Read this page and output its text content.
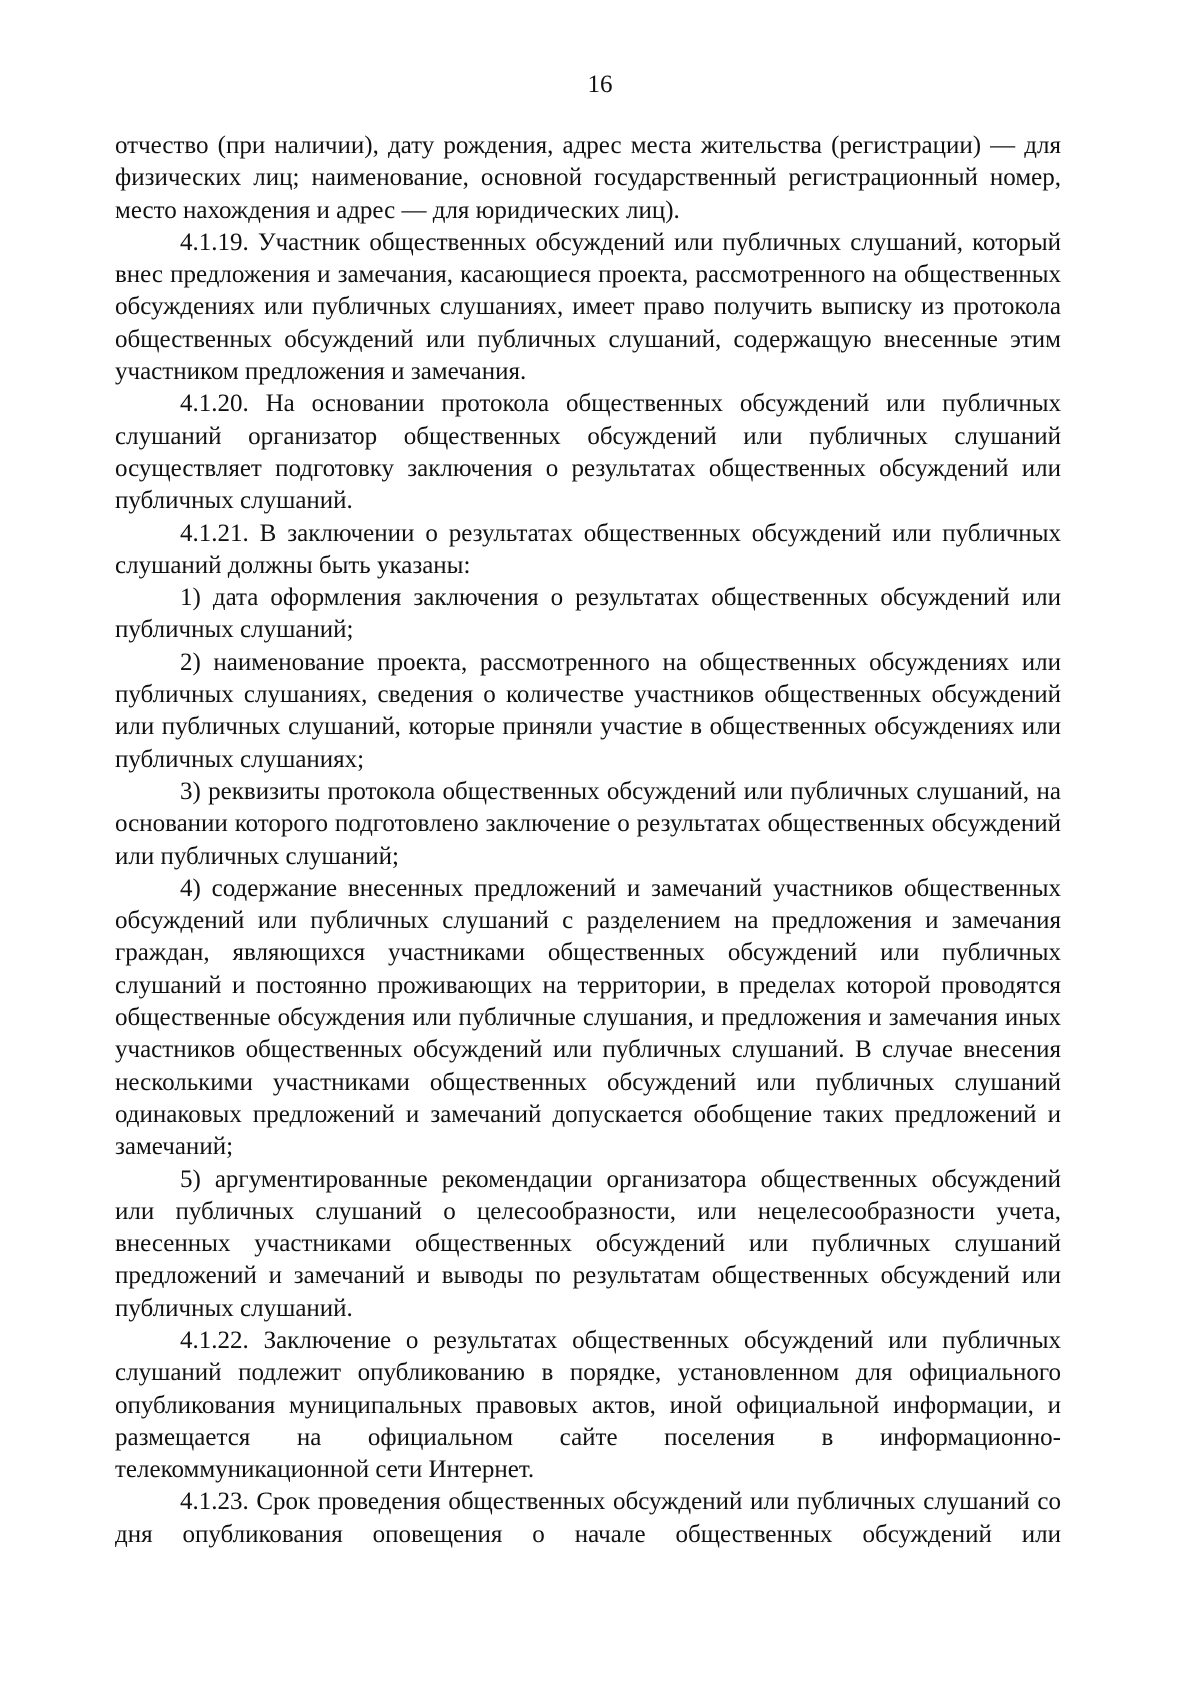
16

отчество (при наличии), дату рождения, адрес места жительства (регистрации) — для физических лиц; наименование, основной государственный регистрационный номер, место нахождения и адрес — для юридических лиц).

4.1.19. Участник общественных обсуждений или публичных слушаний, который внес предложения и замечания, касающиеся проекта, рассмотренного на общественных обсуждениях или публичных слушаниях, имеет право получить выписку из протокола общественных обсуждений или публичных слушаний, содержащую внесенные этим участником предложения и замечания.

4.1.20. На основании протокола общественных обсуждений или публичных слушаний организатор общественных обсуждений или публичных слушаний осуществляет подготовку заключения о результатах общественных обсуждений или публичных слушаний.

4.1.21. В заключении о результатах общественных обсуждений или публичных слушаний должны быть указаны:

1) дата оформления заключения о результатах общественных обсуждений или публичных слушаний;

2) наименование проекта, рассмотренного на общественных обсуждениях или публичных слушаниях, сведения о количестве участников общественных обсуждений или публичных слушаний, которые приняли участие в общественных обсуждениях или публичных слушаниях;

3) реквизиты протокола общественных обсуждений или публичных слушаний, на основании которого подготовлено заключение о результатах общественных обсуждений или публичных слушаний;

4) содержание внесенных предложений и замечаний участников общественных обсуждений или публичных слушаний с разделением на предложения и замечания граждан, являющихся участниками общественных обсуждений или публичных слушаний и постоянно проживающих на территории, в пределах которой проводятся общественные обсуждения или публичные слушания, и предложения и замечания иных участников общественных обсуждений или публичных слушаний. В случае внесения несколькими участниками общественных обсуждений или публичных слушаний одинаковых предложений и замечаний допускается обобщение таких предложений и замечаний;

5) аргументированные рекомендации организатора общественных обсуждений или публичных слушаний о целесообразности, или нецелесообразности учета, внесенных участниками общественных обсуждений или публичных слушаний предложений и замечаний и выводы по результатам общественных обсуждений или публичных слушаний.

4.1.22. Заключение о результатах общественных обсуждений или публичных слушаний подлежит опубликованию в порядке, установленном для официального опубликования муниципальных правовых актов, иной официальной информации, и размещается на официальном сайте поселения в информационно-телекоммуникационной сети Интернет.

4.1.23. Срок проведения общественных обсуждений или публичных слушаний со дня опубликования оповещения о начале общественных обсуждений или
